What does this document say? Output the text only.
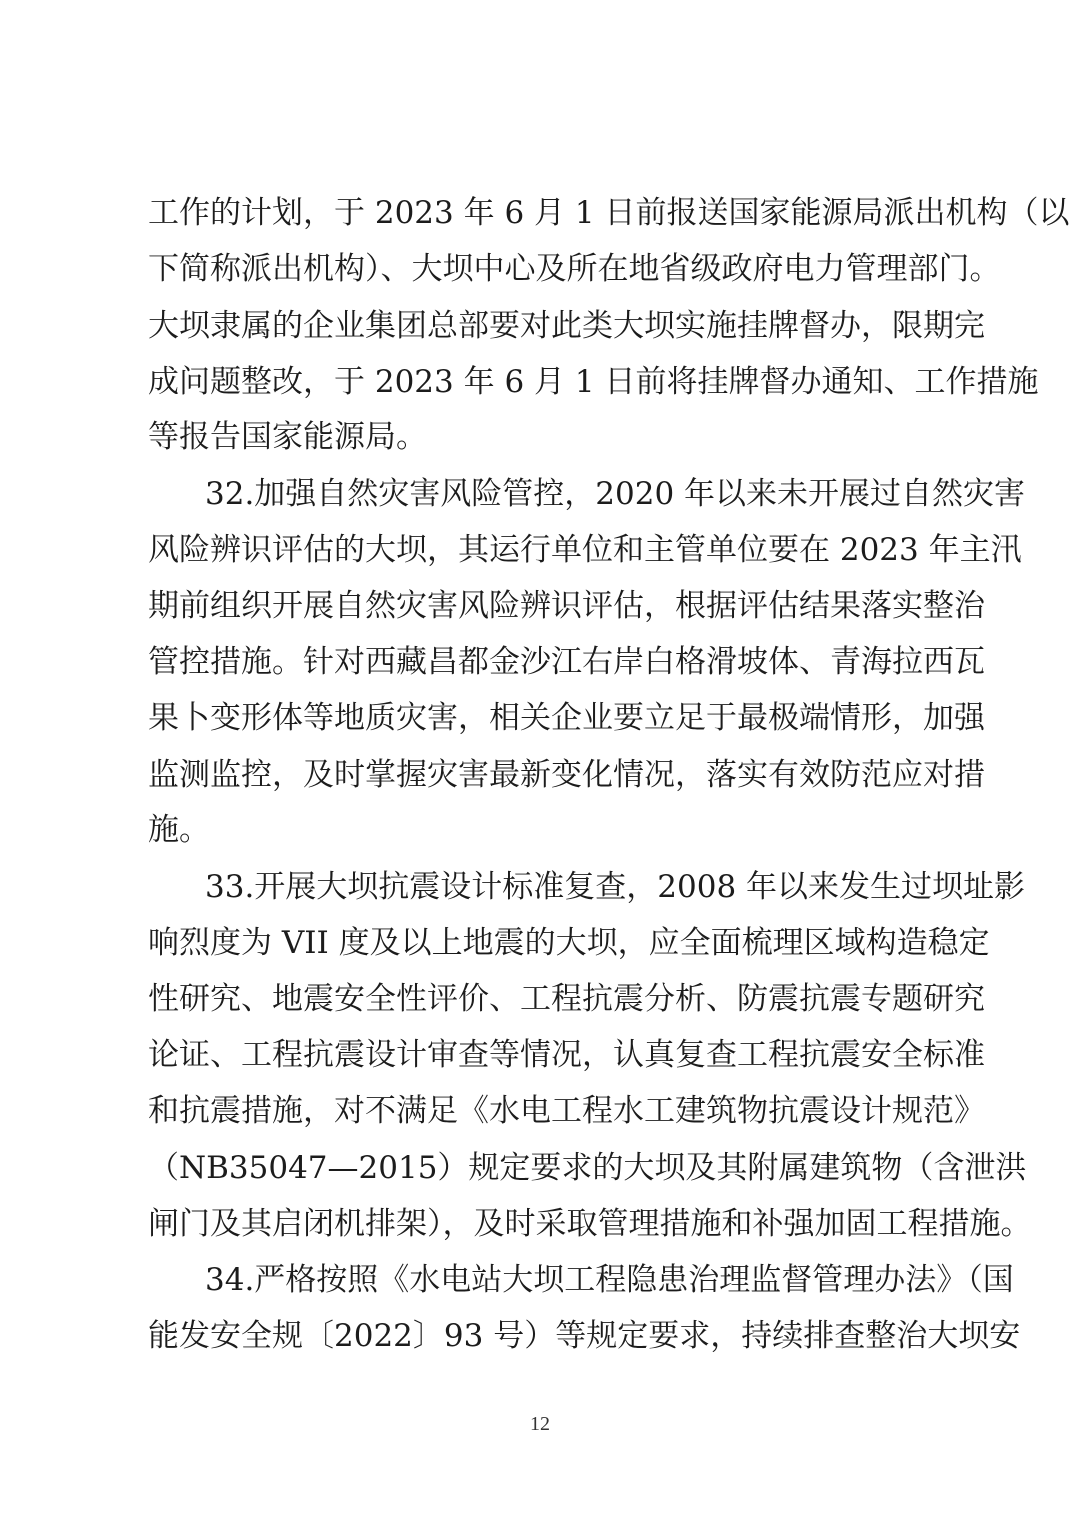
工作的计划，于 2023 年 6 月 1 日前报送国家能源局派出机构（以
下简称派出机构）、大坝中心及所在地省级政府电力管理部门。
大坝隶属的企业集团总部要对此类大坝实施挂牌督办，限期完
成问题整改，于 2023 年 6 月 1 日前将挂牌督办通知、工作措施
等报告国家能源局。
32.加强自然灾害风险管控，2020 年以来未开展过自然灾害
风险辨识评估的大坝，其运行单位和主管单位要在 2023 年主汛
期前组织开展自然灾害风险辨识评估，根据评估结果落实整治
管控措施。针对西藏昌都金沙江右岸白格滑坡体、青海拉西瓦
果卜变形体等地质灾害，相关企业要立足于最极端情形，加强
监测监控，及时掌握灾害最新变化情况，落实有效防范应对措
施。
33.开展大坝抗震设计标准复查，2008 年以来发生过坝址影
响烈度为 VII 度及以上地震的大坝，应全面梳理区域构造稳定
性研究、地震安全性评价、工程抗震分析、防震抗震专题研究
论证、工程抗震设计审查等情况，认真复查工程抗震安全标准
和抗震措施，对不满足《水电工程水工建筑物抗震设计规范》
（NB35047—2015）规定要求的大坝及其附属建筑物（含泄洪
闸门及其启闭机排架），及时采取管理措施和补强加固工程措施。
34.严格按照《水电站大坝工程隐患治理监督管理办法》（国
能发安全规〔2022〕93 号）等规定要求，持续排查整治大坝安
12
